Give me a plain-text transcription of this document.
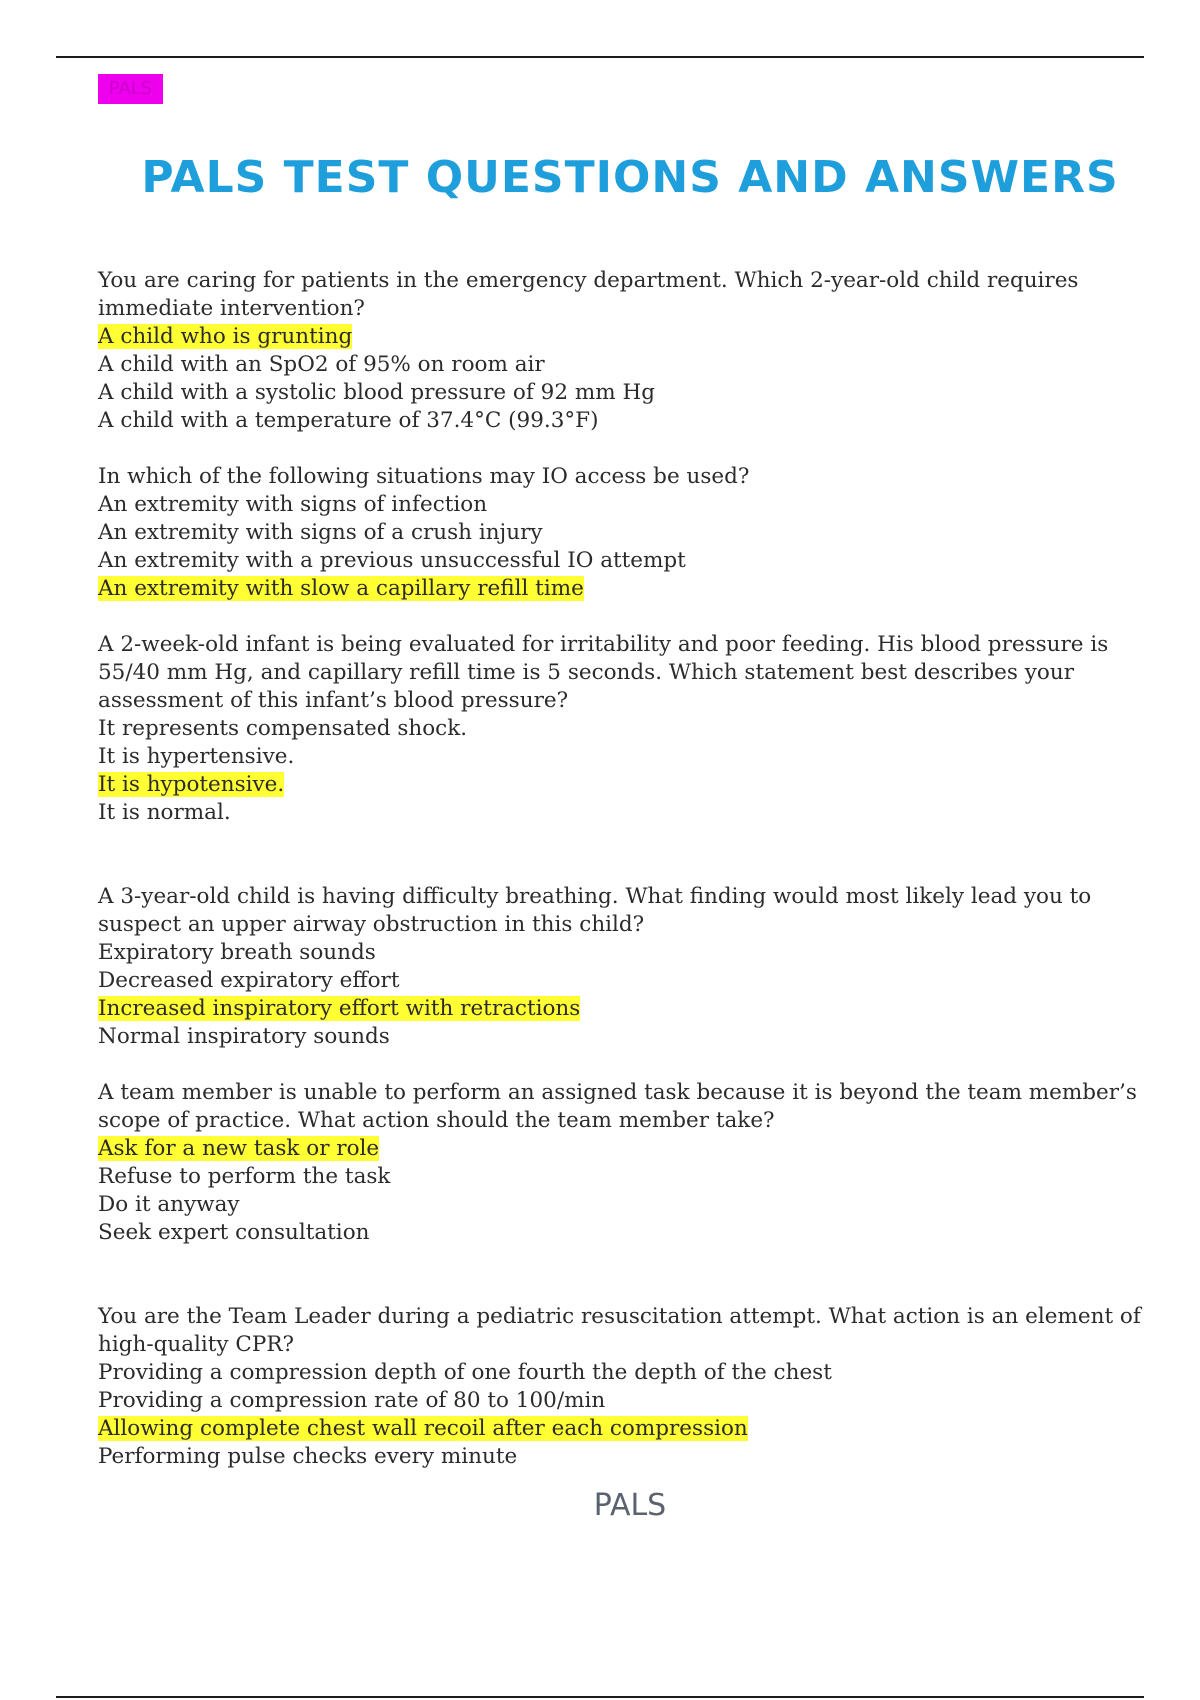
PALS
PALS TEST QUESTIONS AND ANSWERS

You are caring for patients in the emergency department. Which 2-year-old child requires immediate intervention?

A child who is grunting
A child with an SpO2 of 95% on room air
A child with a systolic blood pressure of 92 mm Hg
A child with a temperature of 37.4°C (99.3°F)

In which of the following situations may IO access be used?

An extremity with signs of infection
An extremity with signs of a crush injury
An extremity with a previous unsuccessful IO attempt
An extremity with slow a capillary refill time

A 2-week-old infant is being evaluated for irritability and poor feeding. His blood pressure is 55/40 mm Hg, and capillary refill time is 5 seconds. Which statement best describes your assessment of this infant’s blood pressure?

It represents compensated shock.
It is hypertensive.
It is hypotensive.
It is normal.

A 3-year-old child is having difficulty breathing. What finding would most likely lead you to suspect an upper airway obstruction in this child?

Expiratory breath sounds
Decreased expiratory effort
Increased inspiratory effort with retractions
Normal inspiratory sounds

A team member is unable to perform an assigned task because it is beyond the team member’s scope of practice. What action should the team member take?

Ask for a new task or role
Refuse to perform the task
Do it anyway
Seek expert consultation

You are the Team Leader during a pediatric resuscitation attempt. What action is an element of high-quality CPR?

Providing a compression depth of one fourth the depth of the chest
Providing a compression rate of 80 to 100/min
Allowing complete chest wall recoil after each compression
Performing pulse checks every minute
PALS
